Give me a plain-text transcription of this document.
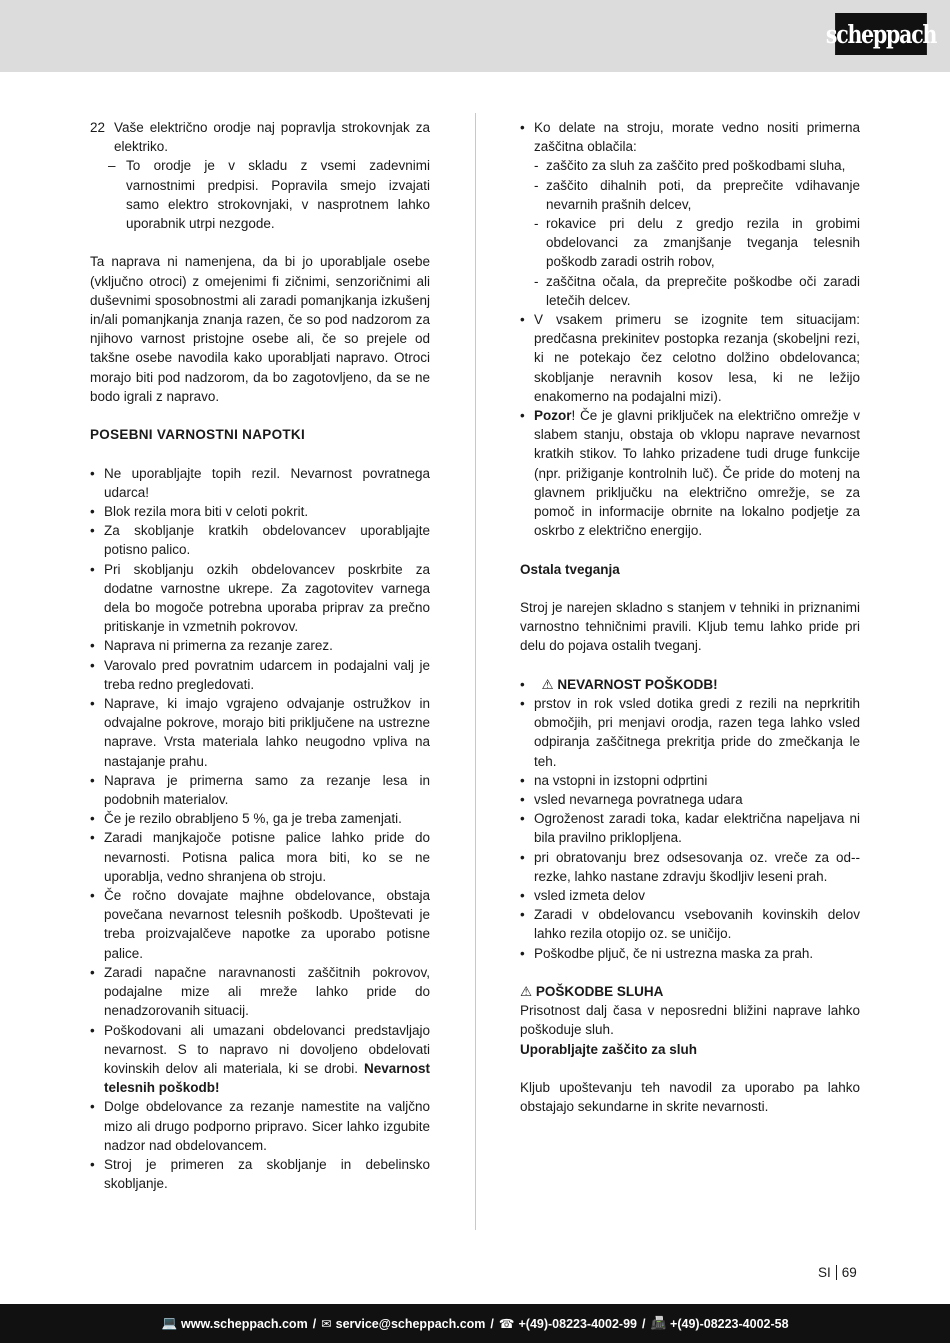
scheppach
22 Vaše električno orodje naj popravlja strokovnjak za elektriko.
– To orodje je v skladu z vsemi zadevnimi varnostnimi predpisi. Popravila smejo izvajati samo elektro strokovnjaki, v nasprotnem lahko uporabnik utrpi nezgode.

Ta naprava ni namenjena, da bi jo uporabljale osebe (vključno otroci) z omejenimi fi zičnimi, senzoričnimi ali duševnimi sposobnostmi ali zaradi pomanjkanja izkušenj in/ali pomanjkanja znanja razen, če so pod nadzorom za njihovo varnost pristojne osebe ali, če so prejele od takšne osebe navodila kako uporabljati napravo. Otroci morajo biti pod nadzorom, da bo zagotovljeno, da se ne bodo igrali z napravo.

POSEBNI VARNOSTNI NAPOTKI

• Ne uporabljajte topih rezil. Nevarnost povratnega udarca!
• Blok rezila mora biti v celoti pokrit.
• Za skobljanje kratkih obdelovancev uporabljajte potisno palico.
• Pri skobljanju ozkih obdelovancev poskrbite za dodatne varnostne ukrepe. Za zagotovitev varnega dela bo mogoče potrebna uporaba priprav za prečno pritiskanje in vzmetnih pokrovov.
• Naprava ni primerna za rezanje zarez.
• Varovalo pred povratnim udarcem in podajalni valj je treba redno pregledovati.
• Naprave, ki imajo vgrajeno odvajanje ostružkov in odvajalne pokrove, morajo biti priključene na ustrezne naprave. Vrsta materiala lahko neugodno vpliva na nastajanje prahu.
• Naprava je primerna samo za rezanje lesa in podobnih materialov.
• Če je rezilo obrabljeno 5 %, ga je treba zamenjati.
• Zaradi manjkajoče potisne palice lahko pride do nevarnosti. Potisna palica mora biti, ko se ne uporablja, vedno shranjena ob stroju.
• Če ročno dovajate majhne obdelovance, obstaja povečana nevarnost telesnih poškodb. Upoštevati je treba proizvajalčeve napotke za uporabo potisne palice.
• Zaradi napačne naravnanosti zaščitnih pokrovov, podajalne mize ali mreže lahko pride do nenadzorovanih situacij.
• Poškodovani ali umazani obdelovanci predstavljajo nevarnost. S to napravo ni dovoljeno obdelovati kovinskih delov ali materiala, ki se drobi. Nevarnost telesnih poškodb!
• Dolge obdelovance za rezanje namestite na valjčno mizo ali drugo podporno pripravo. Sicer lahko izgubite nadzor nad obdelovancem.
• Stroj je primeren za skobljanje in debelinsko skobljanje.
• Ko delate na stroju, morate vedno nositi primerna zaščitna oblačila:
- zaščito za sluh za zaščito pred poškodbami sluha,
- zaščito dihalnih poti, da preprečite vdihavanje nevarnih prašnih delcev,
- rokavice pri delu z gredjo rezila in grobimi obdelovanci za zmanjšanje tveganja telesnih poškodb zaradi ostrih robov,
- zaščitna očala, da preprečite poškodbe oči zaradi letečih delcev.
• V vsakem primeru se izognite tem situacijam: predčasna prekinitev postopka rezanja (skobeljni rezi, ki ne potekajo čez celotno dolžino obdelovanca; skobljanje neravnih kosov lesa, ki ne ležijo enakomerno na podajalni mizi).
• Pozor! Če je glavni priključek na električno omrežje v slabem stanju, obstaja ob vklopu naprave nevarnost kratkih stikov. To lahko prizadene tudi druge funkcije (npr. prižiganje kontrolnih luč). Če pride do motenj na glavnem priključku na električno omrežje, se za pomoč in informacije obrnite na lokalno podjetje za oskrbo z električno energijo.

Ostala tveganja

Stroj je narejen skladno s stanjem v tehniki in priznanimi varnostno tehničnimi pravili. Kljub temu lahko pride pri delu do pojava ostalih tveganj.

•	⚠ NEVARNOST POŠKODB!
• prstov in rok vsled dotika gredi z rezili na neprkritih območjih, pri menjavi orodja, razen tega lahko vsled odpiranja zaščitnega prekritja pride do zmečkanja le teh.
• na vstopni in izstopni odprtini
• vsled nevarnega povratnega udara
• Ogroženost zaradi toka, kadar električna napeljava ni bila pravilno priklopljena.
• pri obratovanju brez odsesovanja oz. vreče za od--rezke, lahko nastane zdravju škodljiv leseni prah.
• vsled izmeta delov
• Zaradi v obdelovancu vsebovanih kovinskih delov lahko rezila otopijo oz. se uničijo.
• Poškodbe pljuč, če ni ustrezna maska za prah.

⚠ POŠKODBE SLUHA

Prisotnost dalj časa v neposredni bližini naprave lahko poškoduje sluh.

Uporabljajte zaščito za sluh

Kljub upoštevanju teh navodil za uporabo pa lahko obstajajo sekundarne in skrite nevarnosti.

SI 69
💻 www.scheppach.com / ✉ service@scheppach.com / ☎ +(49)-08223-4002-99 / 📠 +(49)-08223-4002-58
